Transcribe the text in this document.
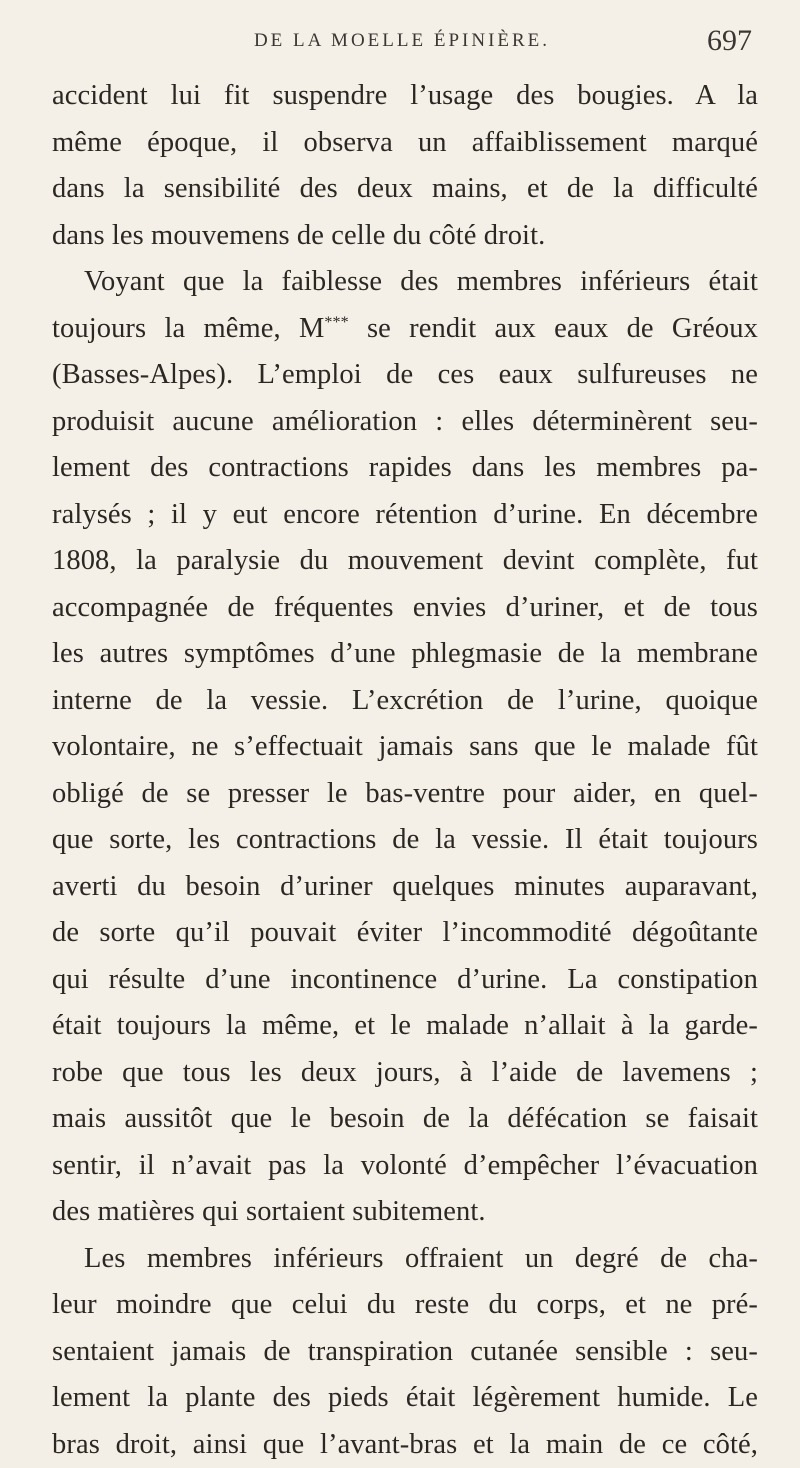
DE LA MOELLE ÉPINIÈRE.	697
accident lui fit suspendre l’usage des bougies. A la
même époque, il observa un affaiblissement marqué
dans la sensibilité des deux mains, et de la difficulté
dans les mouvemens de celle du côté droit.
Voyant que la faiblesse des membres inférieurs était
toujours la même, M*** se rendit aux eaux de Gréoux
(Basses-Alpes). L’emploi de ces eaux sulfureuses ne
produisit aucune amélioration : elles déterminèrent seu-
lement des contractions rapides dans les membres pa-
ralysés ; il y eut encore rétention d’urine. En décembre
1808, la paralysie du mouvement devint complète, fut
accompagnée de fréquentes envies d’uriner, et de tous
les autres symptômes d’une phlegmasie de la membrane
interne de la vessie. L’excrétion de l’urine, quoique
volontaire, ne s’effectuait jamais sans que le malade fût
obligé de se presser le bas-ventre pour aider, en quel-
que sorte, les contractions de la vessie. Il était toujours
averti du besoin d’uriner quelques minutes auparavant,
de sorte qu’il pouvait éviter l’incommodité dégoûtante
qui résulte d’une incontinence d’urine. La constipation
était toujours la même, et le malade n’allait à la garde-
robe que tous les deux jours, à l’aide de lavemens ;
mais aussitôt que le besoin de la défécation se faisait
sentir, il n’avait pas la volonté d’empêcher l’évacuation
des matières qui sortaient subitement.
Les membres inférieurs offraient un degré de cha-
leur moindre que celui du reste du corps, et ne pré-
sentaient jamais de transpiration cutanée sensible : seu-
lement la plante des pieds était légèrement humide. Le
bras droit, ainsi que l’avant-bras et la main de ce côté,
